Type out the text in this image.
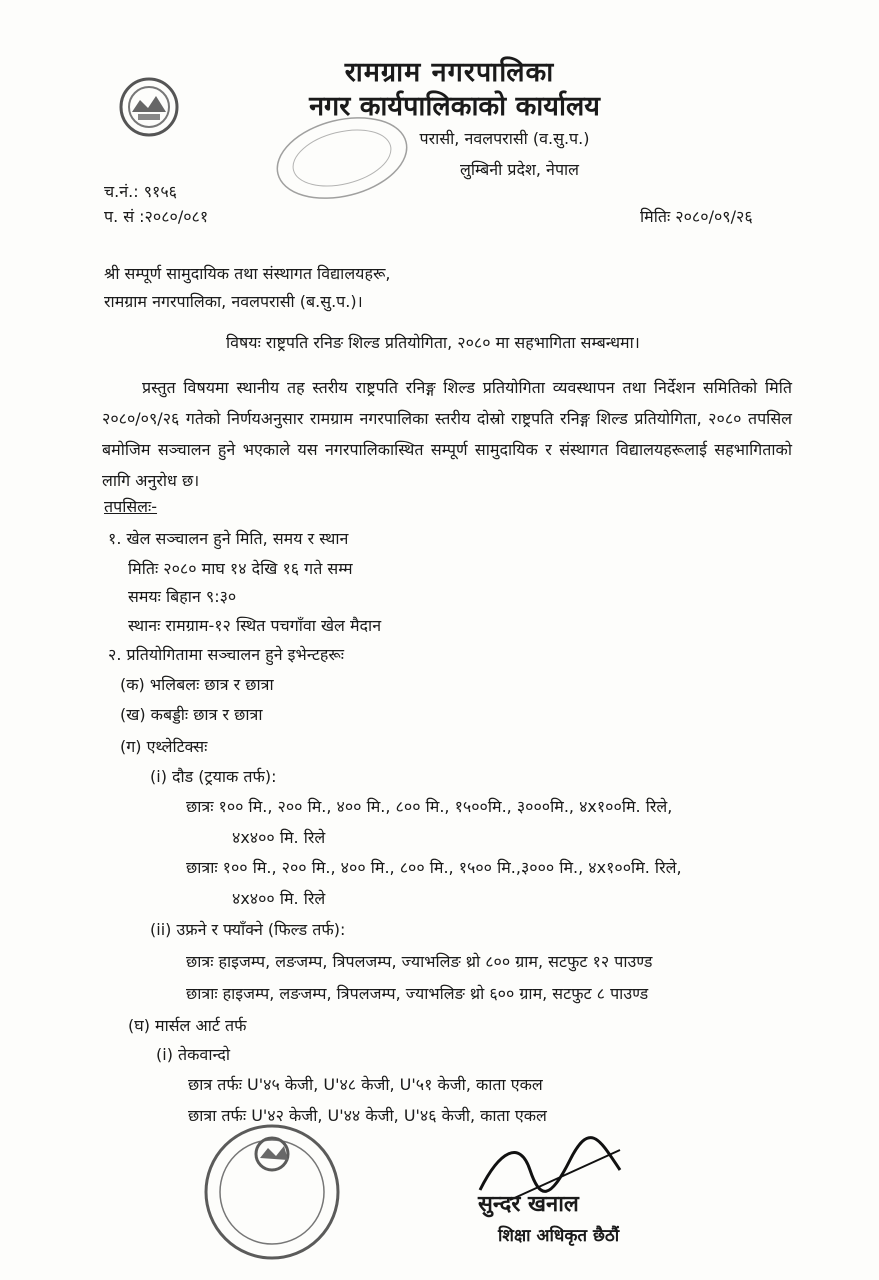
रामग्राम नगरपालिका
नगर कार्यपालिकाको कार्यालय
परासी, नवलपरासी (व.सु.प.)
लुम्बिनी प्रदेश, नेपाल
च.नं.: ९१५६
प. सं :२०८०/०८१	मितिः २०८०/०९/२६
श्री सम्पूर्ण सामुदायिक तथा संस्थागत विद्यालयहरू,
रामग्राम नगरपालिका, नवलपरासी (ब.सु.प.)।
विषयः राष्ट्रपति रनिङ शिल्ड प्रतियोगिता, २०८० मा सहभागिता सम्बन्धमा।
प्रस्तुत विषयमा स्थानीय तह स्तरीय राष्ट्रपति रनिङ्ग शिल्ड प्रतियोगिता व्यवस्थापन तथा निर्देशन समितिको मिति २०८०/०९/२६ गतेको निर्णयअनुसार रामग्राम नगरपालिका स्तरीय दोस्रो राष्ट्रपति रनिङ्ग शिल्ड प्रतियोगिता, २०८० तपसिल बमोजिम सञ्चालन हुने भएकाले यस नगरपालिकास्थित सम्पूर्ण सामुदायिक र संस्थागत विद्यालयहरूलाई सहभागिताको लागि अनुरोध छ।
तपसिलः-
१. खेल सञ्चालन हुने मिति, समय र स्थान
मितिः २०८० माघ १४ देखि १६ गते सम्म
समयः बिहान ९:३०
स्थानः रामग्राम-१२ स्थित पचगाँवा खेल मैदान
२. प्रतियोगितामा सञ्चालन हुने इभेन्टहरूः
(क) भलिबलः छात्र र छात्रा
(ख) कबड्डीः छात्र र छात्रा
(ग) एथ्लेटिक्सः
(i) दौड (ट्रयाक तर्फ):
छात्रः १०० मि., २०० मि., ४०० मि., ८०० मि., १५००मि., ३०००मि., ४x१००मि. रिले,
४x४०० मि. रिले
छात्राः १०० मि., २०० मि., ४०० मि., ८०० मि., १५०० मि.,३००० मि., ४x१००मि. रिले,
४x४०० मि. रिले
(ii) उफ्रने र फ्याँक्ने (फिल्ड तर्फ):
छात्रः हाइजम्प, लङजम्प, त्रिपलजम्प, ज्याभलिङ थ्रो ८०० ग्राम, सटफुट १२ पाउण्ड
छात्राः हाइजम्प, लङजम्प, त्रिपलजम्प, ज्याभलिङ थ्रो ६०० ग्राम, सटफुट ८ पाउण्ड
(घ) मार्सल आर्ट तर्फ
(i) तेकवान्दो
छात्र तर्फः U'४५ केजी, U'४८ केजी, U'५१ केजी, काता एकल
छात्रा तर्फः U'४२ केजी, U'४४ केजी, U'४६ केजी, काता एकल
सुन्दर खनाल
शिक्षा अधिकृत छैठौं
